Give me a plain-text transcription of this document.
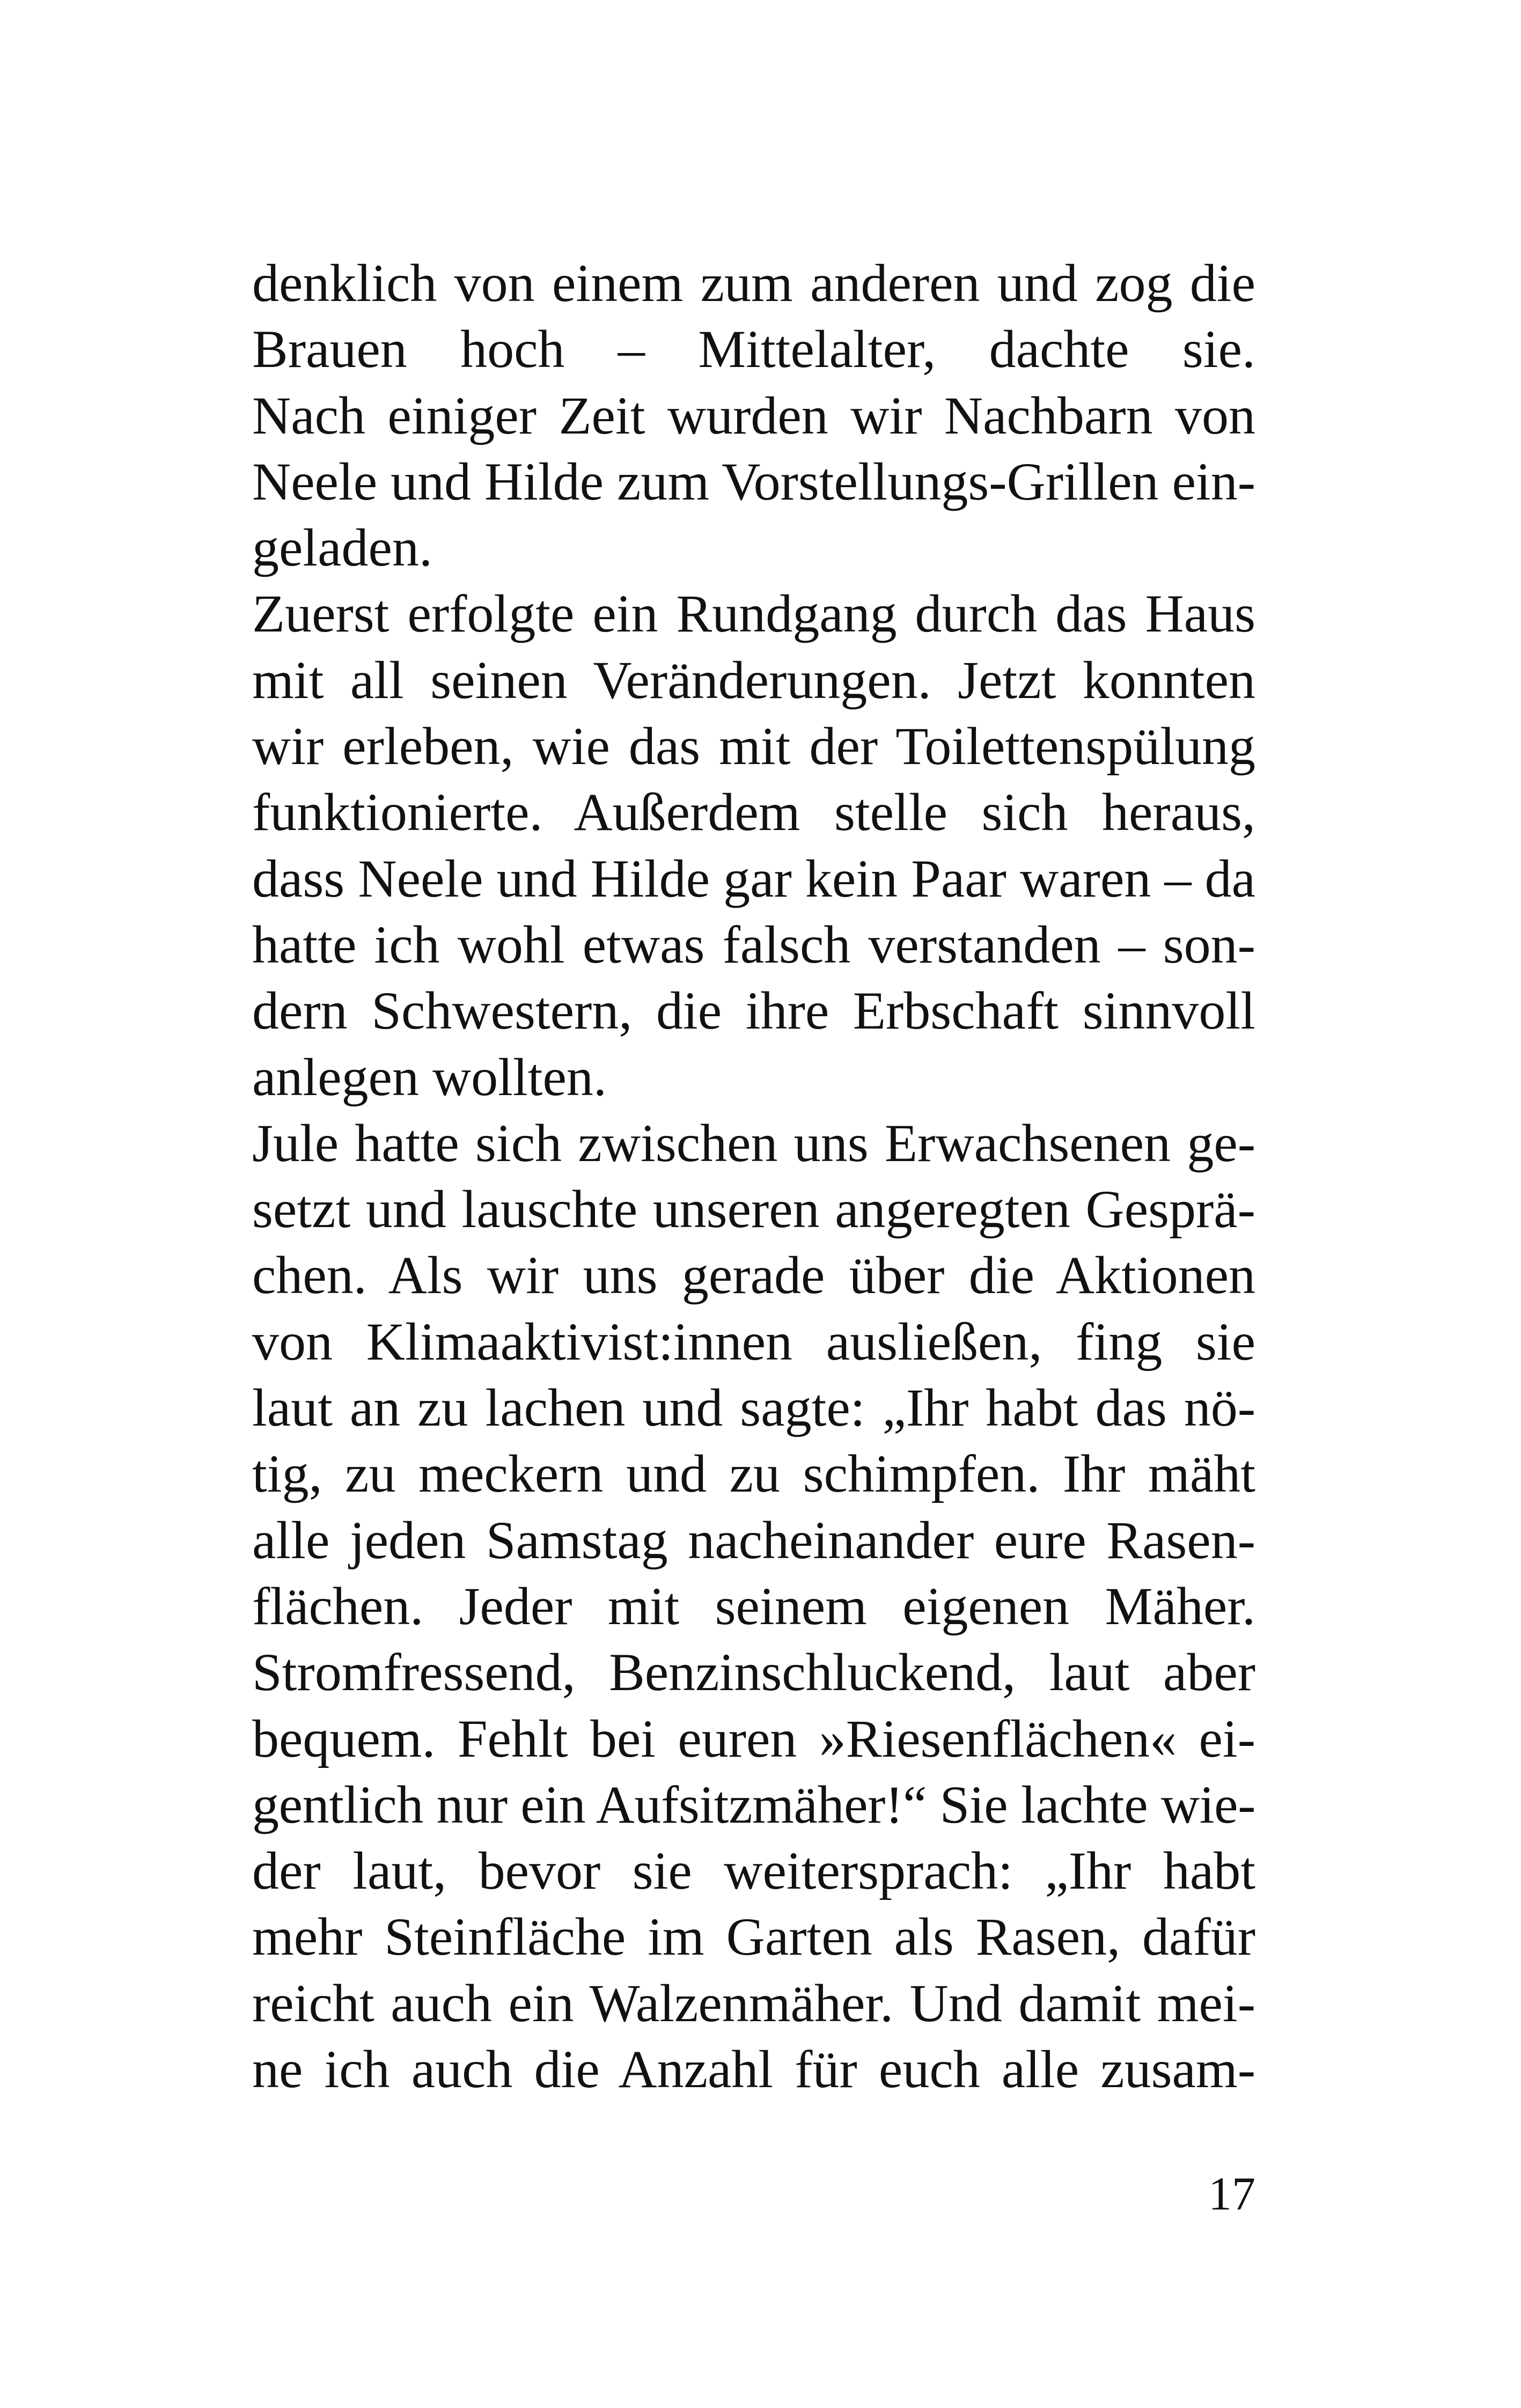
denklich von einem zum anderen und zog die
Brauen hoch – Mittelalter, dachte sie.
Nach einiger Zeit wurden wir Nachbarn von
Neele und Hilde zum Vorstellungs-Grillen ein-
geladen.
Zuerst erfolgte ein Rundgang durch das Haus
mit all seinen Veränderungen. Jetzt konnten
wir erleben, wie das mit der Toilettenspülung
funktionierte. Außerdem stelle sich heraus,
dass Neele und Hilde gar kein Paar waren – da
hatte ich wohl etwas falsch verstanden – son-
dern Schwestern, die ihre Erbschaft sinnvoll
anlegen wollten.
Jule hatte sich zwischen uns Erwachsenen ge-
setzt und lauschte unseren angeregten Gesprä-
chen. Als wir uns gerade über die Aktionen
von Klimaaktivist:innen ausließen, fing sie
laut an zu lachen und sagte: „Ihr habt das nö-
tig, zu meckern und zu schimpfen. Ihr mäht
alle jeden Samstag nacheinander eure Rasen-
flächen. Jeder mit seinem eigenen Mäher.
Stromfressend, Benzinschluckend, laut aber
bequem. Fehlt bei euren »Riesenflächen« ei-
gentlich nur ein Aufsitzmäher!“ Sie lachte wie-
der laut, bevor sie weitersprach: „Ihr habt
mehr Steinfläche im Garten als Rasen, dafür
reicht auch ein Walzenmäher. Und damit mei-
ne ich auch die Anzahl für euch alle zusam-
17
